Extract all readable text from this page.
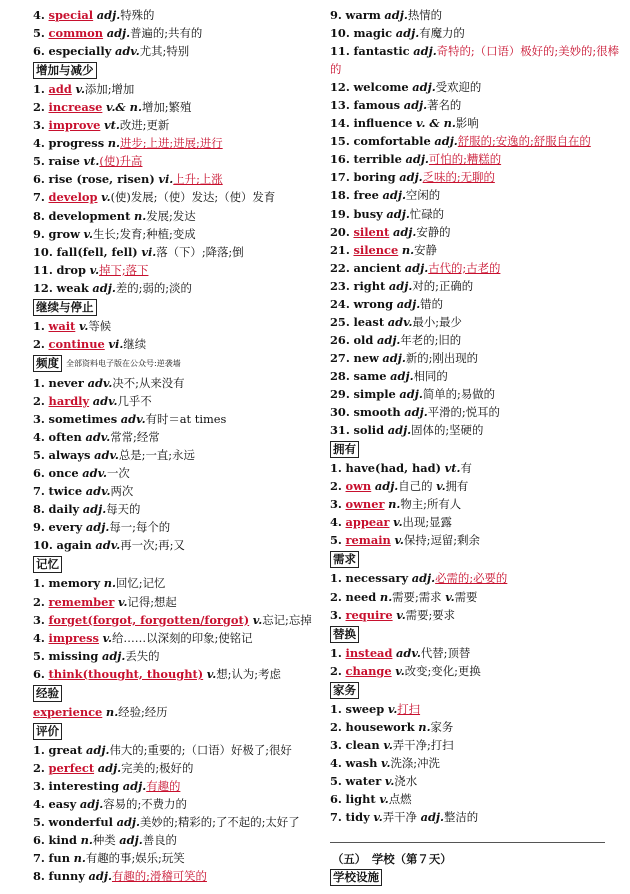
4. special adj.特殊的
5. common adj.普遍的;共有的
6. especially adv.尤其;特别
增加与减少
1. add v.添加;增加
2. increase v.& n.增加;繁殖
3. improve vt.改进;更新
4. progress n.进步;上进;进展;进行
5. raise vt.(使)升高
6. rise (rose, risen) vi.上升;上涨
7. develop v.(使)发展;（使）发达;（使）发育
8. development n.发展;发达
9. grow v.生长;发育;种植;变成
10. fall(fell, fell) vi.落（下）;降落;倒
11. drop v.掉下;落下
12. weak adj.差的;弱的;淡的
继续与停止
1. wait v.等候
2. continue vi.继续
频度 全部资料电子版在公众号:逆袭墙
1. never adv.决不;从来没有
2. hardly adv.几乎不
3. sometimes adv.有时＝at times
4. often adv.常常;经常
5. always adv.总是;一直;永远
6. once adv.一次
7. twice adv.两次
8. daily adj.每天的
9. every adj.每一;每个的
10. again adv.再一次;再;又
记忆
1. memory n.回忆;记忆
2. remember v.记得;想起
3. forget(forgot, forgotten/forgot) v.忘记;忘掉
4. impress v.给……以深刻的印象;使铭记
5. missing adj.丢失的
6. think(thought, thought) v.想;认为;考虑
经验
experience n.经验;经历
评价
1. great adj.伟大的;重要的;（口语）好极了;很好
2. perfect adj.完美的;极好的
3. interesting adj.有趣的
4. easy adj.容易的;不费力的
5. wonderful adj.美妙的;精彩的;了不起的;太好了
6. kind n.种类 adj.善良的
7. fun n.有趣的事;娱乐;玩笑
8. funny adj.有趣的;滑稽可笑的
9. warm adj.热情的
10. magic adj.有魔力的
11. fantastic adj.奇特的;（口语）极好的;美妙的;很棒的
12. welcome adj.受欢迎的
13. famous adj.著名的
14. influence v. & n.影响
15. comfortable adj.舒服的;安逸的;舒服自在的
16. terrible adj.可怕的;糟糕的
17. boring adj.乏味的;无聊的
18. free adj.空闲的
19. busy adj.忙碌的
20. silent adj.安静的
21. silence n.安静
22. ancient adj.古代的;古老的
23. right adj.对的;正确的
24. wrong adj.错的
25. least adv.最小;最少
26. old adj.年老的;旧的
27. new adj.新的;刚出现的
28. same adj.相同的
29. simple adj.简单的;易做的
30. smooth adj.平滑的;悦耳的
31. solid adj.固体的;坚硬的
拥有
1. have(had, had) vt.有
2. own adj.自己的 v.拥有
3. owner n.物主;所有人
4. appear v.出现;显露
5. remain v.保持;逗留;剩余
需求
1. necessary adj.必需的;必要的
2. need n.需要;需求 v.需要
3. require v.需要;要求
替换
1. instead adv.代替;顶替
2. change v.改变;变化;更换
家务
1. sweep v.打扫
2. housework n.家务
3. clean v.弄干净;打扫
4. wash v.洗涤;冲洗
5. water v.浇水
6. light v.点燃
7. tidy v.弄干净 adj.整洁的
（五）　学校（第７天）
学校设施
